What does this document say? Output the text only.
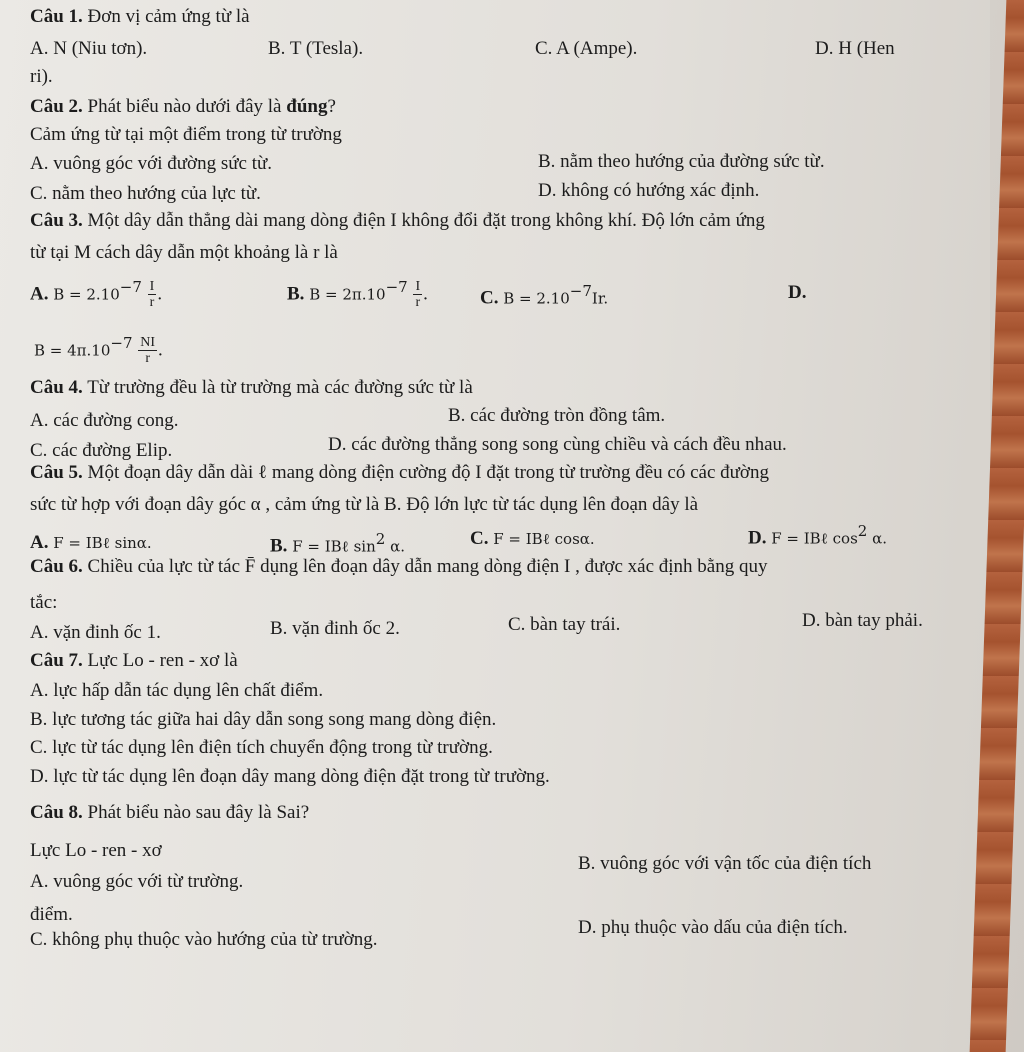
Câu 1. Đơn vị cảm ứng từ là
A. N (Niu tơn).	B. T (Tesla).	C. A (Ampe).	D. H (Hen
ri).
Câu 2. Phát biểu nào dưới đây là đúng?
Cảm ứng từ tại một điểm trong từ trường
A. vuông góc với đường sức từ.	B. nằm theo hướng của đường sức từ.
C. nằm theo hướng của lực từ.	D. không có hướng xác định.
Câu 3. Một dây dẫn thẳng dài mang dòng điện I không đổi đặt trong không khí. Độ lớn cảm ứng
từ tại M cách dây dẫn một khoảng là r là
A. $B = 2.10^{-7} \frac{I}{r}$ .	B. $B = 2\pi.10^{-7} \frac{I}{r}$ .	C. $B = 2.10^{-7}Ir$.	D.
$B = 4\pi.10^{-7} \frac{NI}{r}$ .
Câu 4. Từ trường đều là từ trường mà các đường sức từ là
A. các đường cong.	B. các đường tròn đồng tâm.
C. các đường Elip.	D. các đường thẳng song song cùng chiều và cách đều nhau.
Câu 5. Một đoạn dây dẫn dài ℓ mang dòng điện cường độ I đặt trong từ trường đều có các đường
sức từ hợp với đoạn dây góc α , cảm ứng từ là B. Độ lớn lực từ tác dụng lên đoạn dây là
A. F = IBℓ sinα.	B. F = IBℓ $\sin^2 \alpha$.	C. F = IBℓ cosα.	D. F = IBℓ $\cos^2 \alpha$.
Câu 6. Chiều của lực từ tác F̄ dụng lên đoạn dây dẫn mang dòng điện I , được xác định bằng quy
tắc:
A. vặn đinh ốc 1.	B. vặn đinh ốc 2.	C. bàn tay trái.	D. bàn tay phải.
Câu 7. Lực Lo - ren - xơ là
A. lực hấp dẫn tác dụng lên chất điểm.
B. lực tương tác giữa hai dây dẫn song song mang dòng điện.
C. lực từ tác dụng lên điện tích chuyển động trong từ trường.
D. lực từ tác dụng lên đoạn dây mang dòng điện đặt trong từ trường.
Câu 8. Phát biểu nào sau đây là Sai?
Lực Lo - ren - xơ
A. vuông góc với từ trường.
B. vuông góc với vận tốc của điện tích
điểm.
C. không phụ thuộc vào hướng của từ trường.
D. phụ thuộc vào dấu của điện tích.
